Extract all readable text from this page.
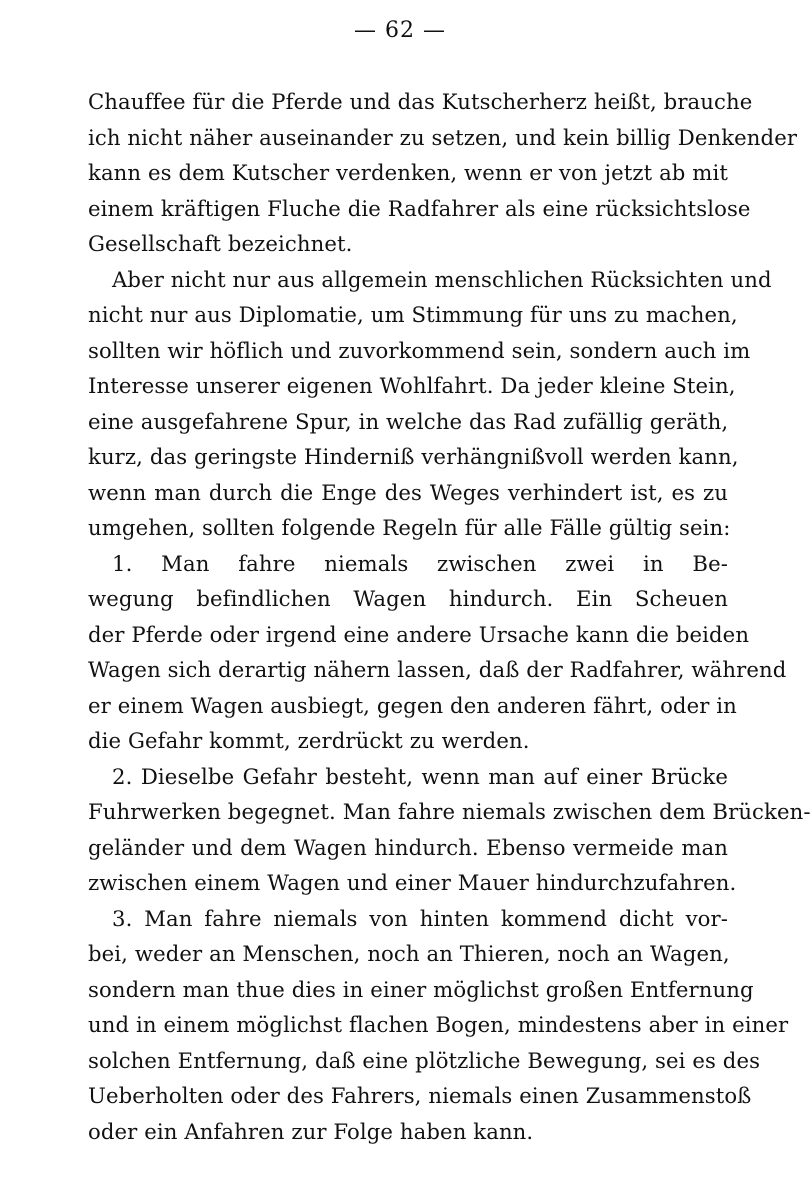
— 62 —
Chauffee für die Pferde und das Kutscherherz heißt, brauche
ich nicht näher auseinander zu setzen, und kein billig Denkender
kann es dem Kutscher verdenken, wenn er von jetzt ab mit
einem kräftigen Fluche die Radfahrer als eine rücksichtslose
Gesellschaft bezeichnet.
Aber nicht nur aus allgemein menschlichen Rücksichten und
nicht nur aus Diplomatie, um Stimmung für uns zu machen,
sollten wir höflich und zuvorkommend sein, sondern auch im
Interesse unserer eigenen Wohlfahrt. Da jeder kleine Stein,
eine ausgefahrene Spur, in welche das Rad zufällig geräth,
kurz, das geringste Hinderniß verhängnißvoll werden kann,
wenn man durch die Enge des Weges verhindert ist, es zu
umgehen, sollten folgende Regeln für alle Fälle gültig sein:
1. Man fahre niemals zwischen zwei in Be-
wegung befindlichen Wagen hindurch. Ein Scheuen
der Pferde oder irgend eine andere Ursache kann die beiden
Wagen sich derartig nähern lassen, daß der Radfahrer, während
er einem Wagen ausbiegt, gegen den anderen fährt, oder in
die Gefahr kommt, zerdrückt zu werden.
2. Dieselbe Gefahr besteht, wenn man auf einer Brücke
Fuhrwerken begegnet. Man fahre niemals zwischen dem Brücken-
geländer und dem Wagen hindurch. Ebenso vermeide man
zwischen einem Wagen und einer Mauer hindurchzufahren.
3. Man fahre niemals von hinten kommend dicht vor-
bei, weder an Menschen, noch an Thieren, noch an Wagen,
sondern man thue dies in einer möglichst großen Entfernung
und in einem möglichst flachen Bogen, mindestens aber in einer
solchen Entfernung, daß eine plötzliche Bewegung, sei es des
Ueberholten oder des Fahrers, niemals einen Zusammenstoß
oder ein Anfahren zur Folge haben kann.
